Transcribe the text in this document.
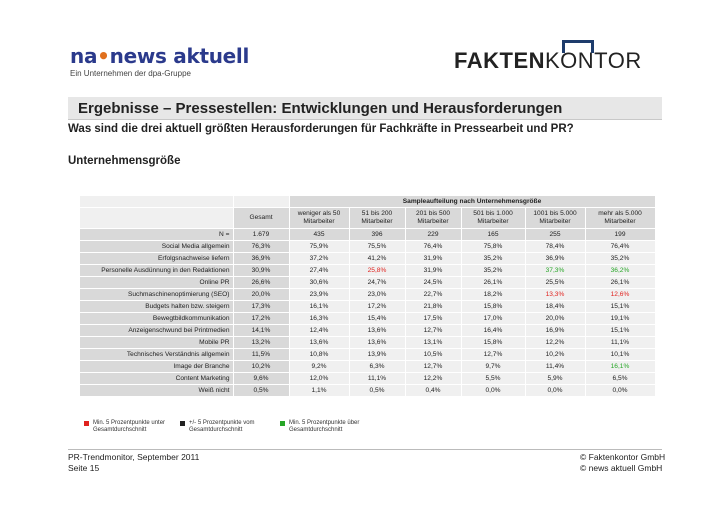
na•news aktuell
Ein Unternehmen der dpa-Gruppe
FAKTENKONTOR
Ergebnisse – Pressestellen: Entwicklungen und Herausforderungen
Was sind die drei aktuell größten Herausforderungen für Fachkräfte in Pressearbeit und PR?
Unternehmensgröße
		Sampleaufteilung nach Unternehmensgröße					
	Gesamt	weniger als 50 Mitarbeiter	51 bis 200 Mitarbeiter	201 bis 500 Mitarbeiter	501 bis 1.000 Mitarbeiter	1001 bis 5.000 Mitarbeiter	mehr als 5.000 Mitarbeiter
N =	1.679	435	396	229	165	255	199
Social Media allgemein	76,3%	75,9%	75,5%	76,4%	75,8%	78,4%	76,4%
Erfolgsnachweise liefern	36,9%	37,2%	41,2%	31,9%	35,2%	36,9%	35,2%
Personelle Ausdünnung in den Redaktionen	30,9%	27,4%	25,8%	31,9%	35,2%	37,3%	36,2%
Online PR	26,6%	30,6%	24,7%	24,5%	26,1%	25,5%	26,1%
Suchmaschinenoptimierung (SEO)	20,0%	23,9%	23,0%	22,7%	18,2%	13,3%	12,6%
Budgets halten bzw. steigern	17,3%	16,1%	17,2%	21,8%	15,8%	18,4%	15,1%
Bewegtbildkommunikation	17,2%	16,3%	15,4%	17,5%	17,0%	20,0%	19,1%
Anzeigenschwund bei Printmedien	14,1%	12,4%	13,6%	12,7%	16,4%	16,9%	15,1%
Mobile PR	13,2%	13,6%	13,6%	13,1%	15,8%	12,2%	11,1%
Technisches Verständnis allgemein	11,5%	10,8%	13,9%	10,5%	12,7%	10,2%	10,1%
Image der Branche	10,2%	9,2%	6,3%	12,7%	9,7%	11,4%	16,1%
Content Marketing	9,6%	12,0%	11,1%	12,2%	5,5%	5,9%	6,5%
Weiß nicht	0,5%	1,1%	0,5%	0,4%	0,0%	0,0%	0,0%
Min. 5 Prozentpunkte unter Gesamtdurchschnitt
+/- 5 Prozentpunkte vom Gesamtdurchschnitt
Min. 5 Prozentpunkte über Gesamtdurchschnitt
PR-Trendmonitor, September 2011
Seite 15
© Faktenkontor GmbH
© news aktuell GmbH
